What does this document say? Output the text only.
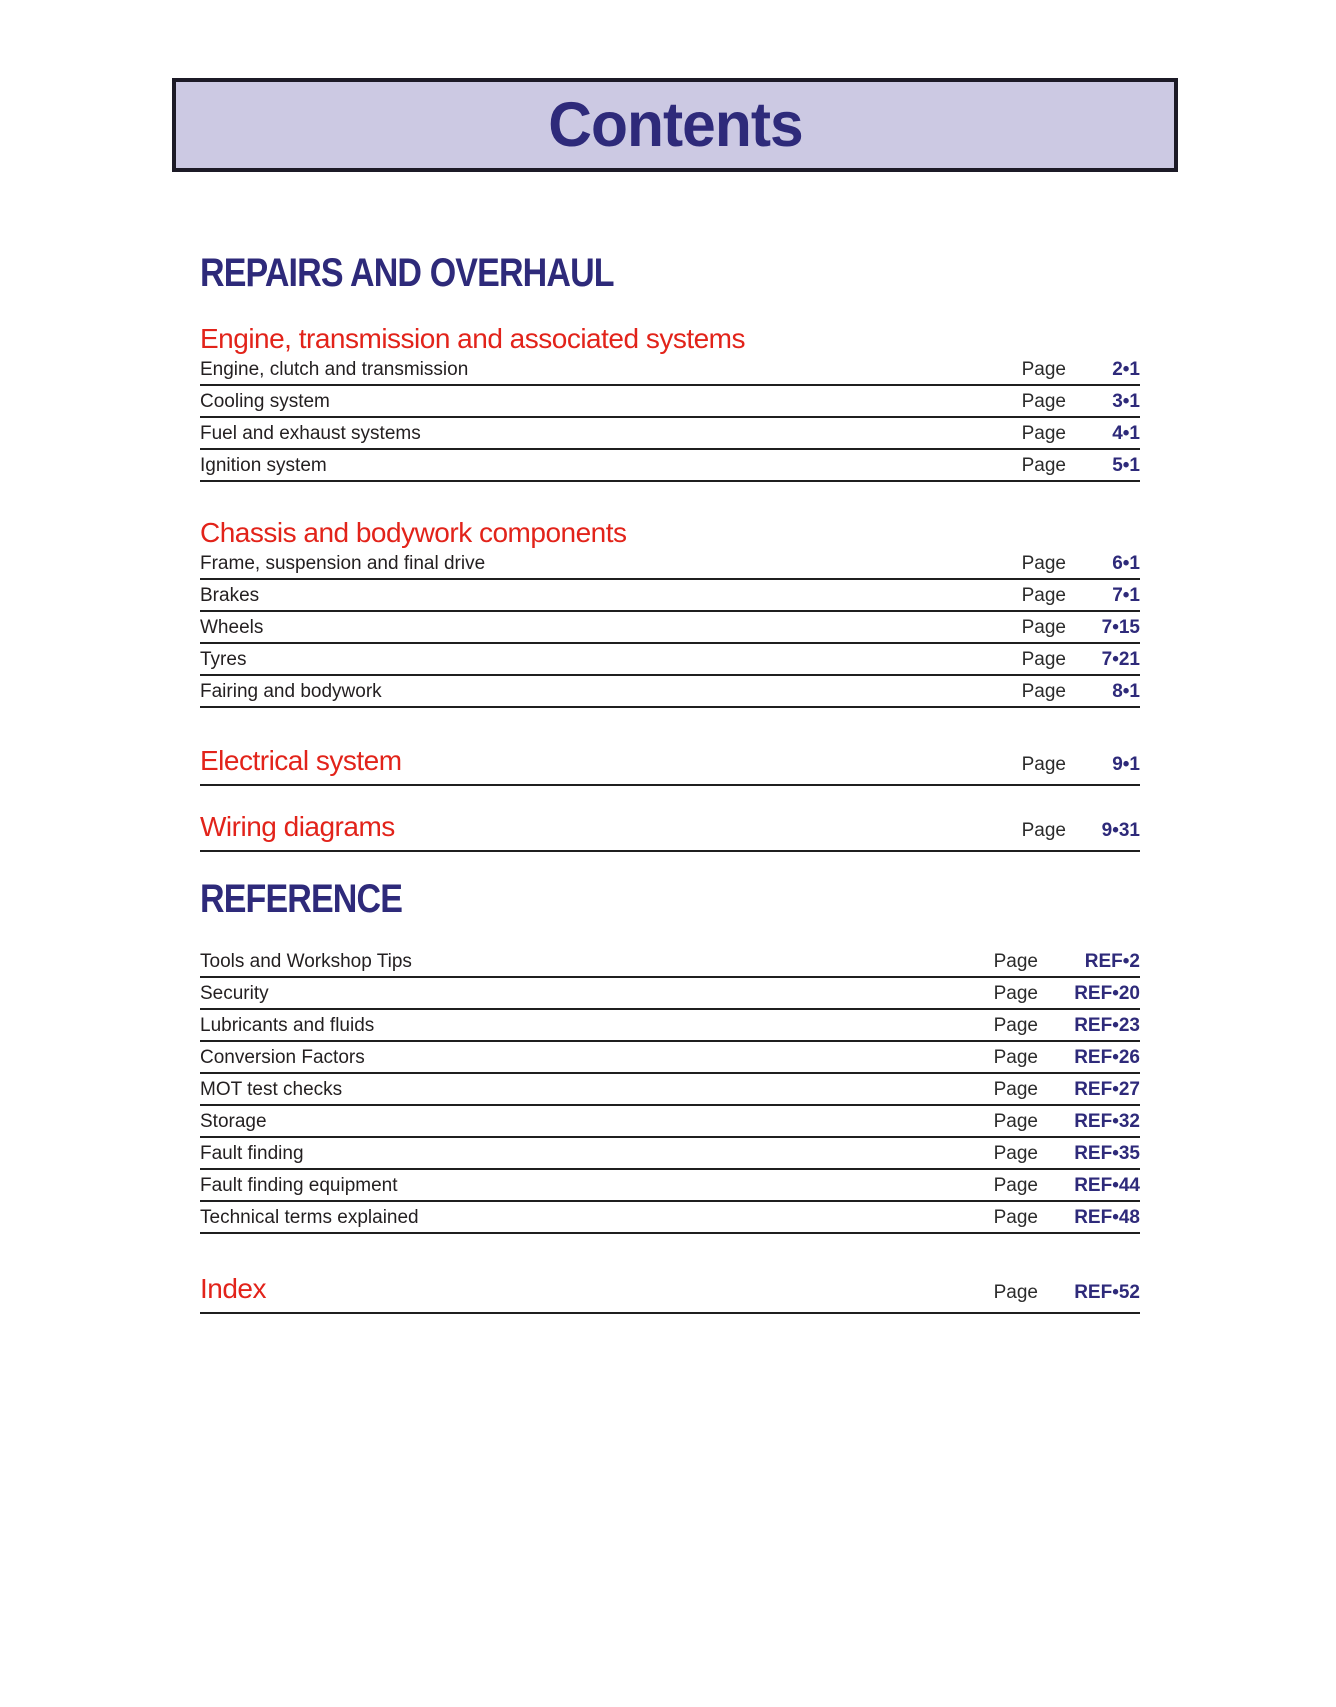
Contents
REPAIRS AND OVERHAUL
Engine, transmission and associated systems
Engine, clutch and transmission	Page	2•1
Cooling system	Page	3•1
Fuel and exhaust systems	Page	4•1
Ignition system	Page	5•1
Chassis and bodywork components
Frame, suspension and final drive	Page	6•1
Brakes	Page	7•1
Wheels	Page	7•15
Tyres	Page	7•21
Fairing and bodywork	Page	8•1
Electrical system	Page	9•1
Wiring diagrams	Page	9•31
REFERENCE
Tools and Workshop Tips	Page	REF•2
Security	Page	REF•20
Lubricants and fluids	Page	REF•23
Conversion Factors	Page	REF•26
MOT test checks	Page	REF•27
Storage	Page	REF•32
Fault finding	Page	REF•35
Fault finding equipment	Page	REF•44
Technical terms explained	Page	REF•48
Index	Page	REF•52
